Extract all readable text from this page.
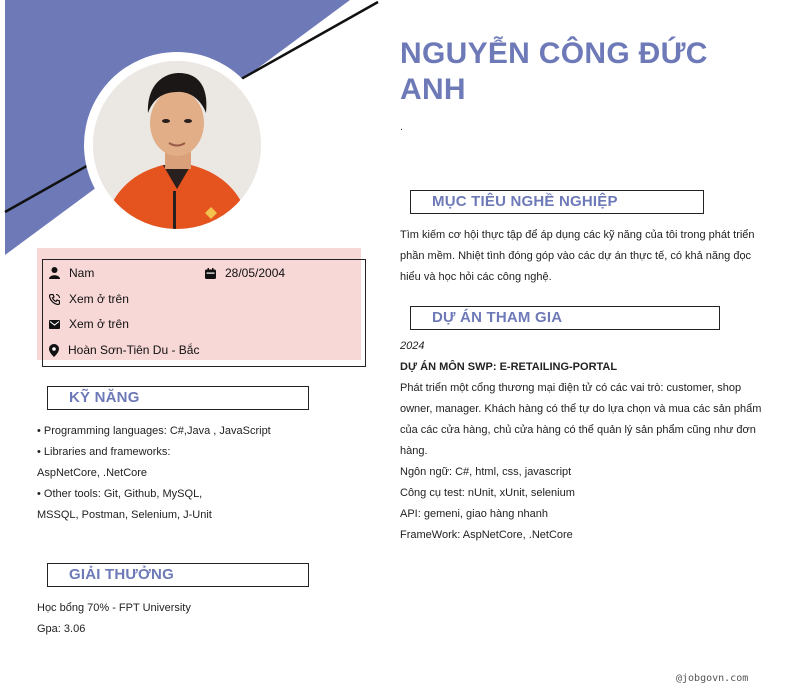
NGUYỄN CÔNG ĐỨC
ANH
.
Nam	28/05/2004
Xem ở trên
Xem ở trên
Hoàn Sơn-Tiên Du - Bắc
KỸ NĂNG
• Programming languages: C#,Java , JavaScript
• Libraries and frameworks:
AspNetCore, .NetCore
• Other tools: Git, Github, MySQL,
MSSQL, Postman, Selenium, J-Unit
GIẢI THƯỞNG
Học bổng 70% - FPT University
Gpa: 3.06
MỤC TIÊU NGHỀ NGHIỆP
Tìm kiếm cơ hội thực tập để áp dụng các kỹ năng của tôi trong phát triển
phần mềm. Nhiệt tình đóng góp vào các dự án thực tế, có khả năng đọc
hiểu và học hỏi các công nghệ.
DỰ ÁN THAM GIA
2024
DỰ ÁN MÔN SWP: E-RETAILING-PORTAL
Phát triển một cổng thương mại điện tử có các vai trò: customer, shop
owner, manager. Khách hàng có thể tự do lựa chọn và mua các sản phẩm
của các cửa hàng, chủ cửa hàng có thể quản lý sản phẩm cũng như đơn
hàng.
Ngôn ngữ: C#, html, css, javascript
Công cụ test: nUnit, xUnit, selenium
API: gemeni, giao hàng nhanh
FrameWork: AspNetCore, .NetCore
@jobgovn.com
